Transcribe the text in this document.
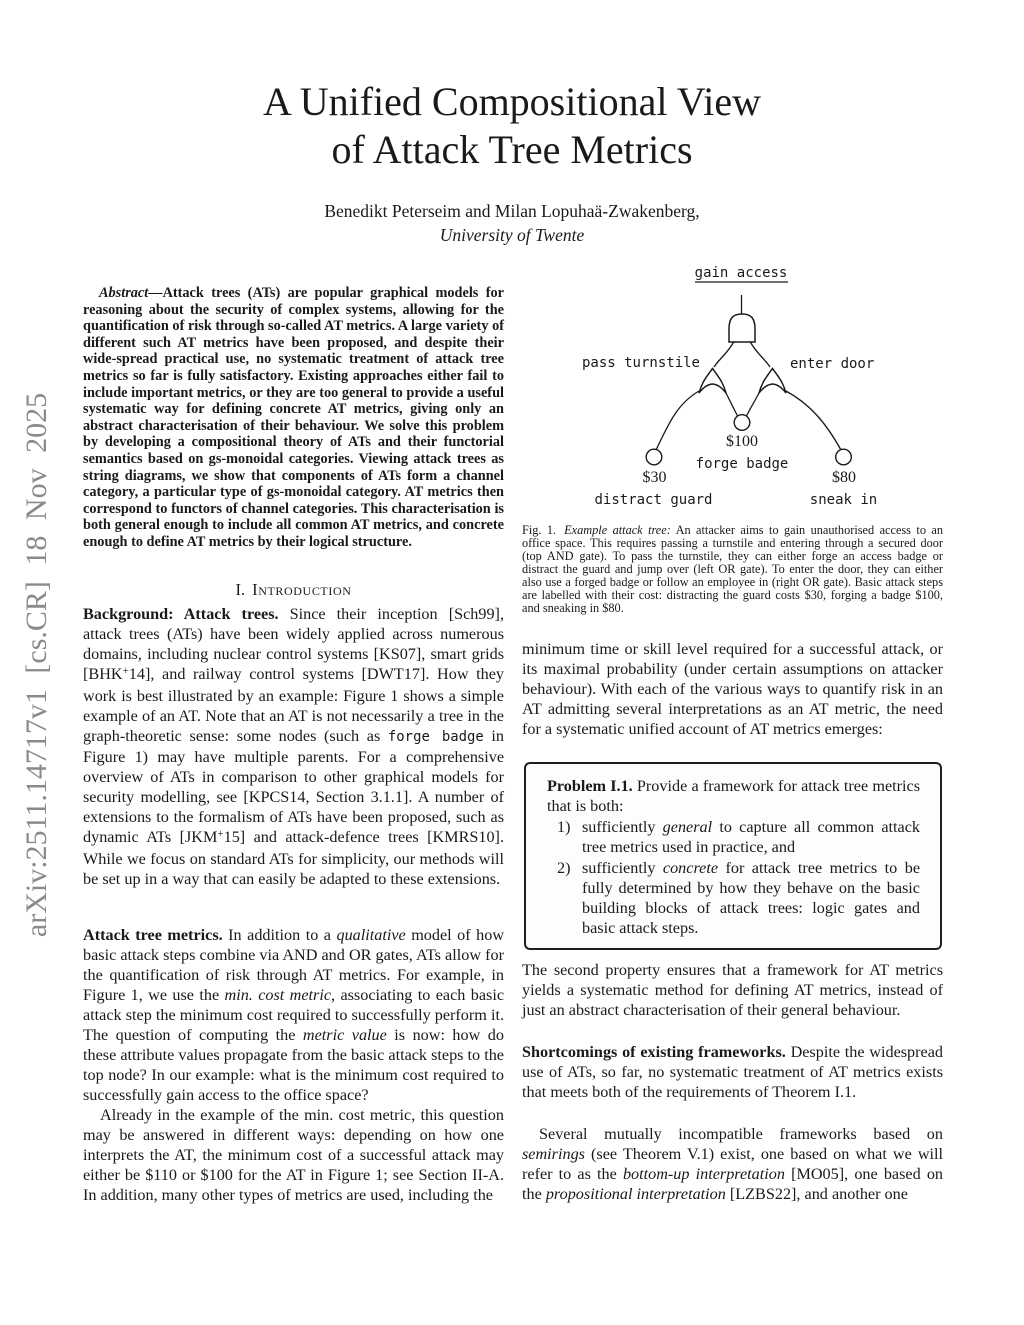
arXiv:2511.14717v1 [cs.CR] 18 Nov 2025
A Unified Compositional View
of Attack Tree Metrics
Benedikt Peterseim and Milan Lopuhaä-Zwakenberg,
University of Twente
Abstract—Attack trees (ATs) are popular graphical models for reasoning about the security of complex systems, allowing for the quantification of risk through so-called AT metrics. A large variety of different such AT metrics have been proposed, and despite their wide-spread practical use, no systematic treatment of attack tree metrics so far is fully satisfactory. Existing approaches either fail to include important metrics, or they are too general to provide a useful systematic way for defining concrete AT metrics, giving only an abstract characterisation of their behaviour. We solve this problem by developing a compositional theory of ATs and their functorial semantics based on gs-monoidal categories. Viewing attack trees as string diagrams, we show that components of ATs form a channel category, a particular type of gs-monoidal category. AT metrics then correspond to functors of channel categories. This characterisation is both general enough to include all common AT metrics, and concrete enough to define AT metrics by their logical structure.
I. Introduction
Background: Attack trees. Since their inception [Sch99], attack trees (ATs) have been widely applied across numerous domains, including nuclear control systems [KS07], smart grids [BHK+14], and railway control systems [DWT17]. How they work is best illustrated by an example: Figure 1 shows a simple example of an AT. Note that an AT is not necessarily a tree in the graph-theoretic sense: some nodes (such as forge badge in Figure 1) may have multiple parents. For a comprehensive overview of ATs in comparison to other graphical models for security modelling, see [KPCS14, Section 3.1.1]. A number of extensions to the formalism of ATs have been proposed, such as dynamic ATs [JKM+15] and attack-defence trees [KMRS10]. While we focus on standard ATs for simplicity, our methods will be set up in a way that can easily be adapted to these extensions.
Attack tree metrics. In addition to a qualitative model of how basic attack steps combine via AND and OR gates, ATs allow for the quantification of risk through AT metrics. For example, in Figure 1, we use the min. cost metric, associating to each basic attack step the minimum cost required to successfully perform it. The question of computing the metric value is now: how do these attribute values propagate from the basic attack steps to the top node? In our example: what is the minimum cost required to successfully gain access to the office space?
Already in the example of the min. cost metric, this question may be answered in different ways: depending on how one interprets the AT, the minimum cost of a successful attack may either be $110 or $100 for the AT in Figure 1; see Section II-A. In addition, many other types of metrics are used, including the
gain access
pass turnstile	enter door
$100
forge badge
$30
distract guard
$80
sneak in
Fig. 1. Example attack tree: An attacker aims to gain unauthorised access to an office space. This requires passing a turnstile and entering through a secured door (top AND gate). To pass the turnstile, they can either forge an access badge or distract the guard and jump over (left OR gate). To enter the door, they can either also use a forged badge or follow an employee in (right OR gate). Basic attack steps are labelled with their cost: distracting the guard costs $30, forging a badge $100, and sneaking in $80.
minimum time or skill level required for a successful attack, or its maximal probability (under certain assumptions on attacker behaviour). With each of the various ways to quantify risk in an AT admitting several interpretations as an AT metric, the need for a systematic unified account of AT metrics emerges:
Problem I.1. Provide a framework for attack tree metrics that is both:
1) sufficiently general to capture all common attack tree metrics used in practice, and
2) sufficiently concrete for attack tree metrics to be fully determined by how they behave on the basic building blocks of attack trees: logic gates and basic attack steps.
The second property ensures that a framework for AT metrics yields a systematic method for defining AT metrics, instead of just an abstract characterisation of their general behaviour.
Shortcomings of existing frameworks. Despite the widespread use of ATs, so far, no systematic treatment of AT metrics exists that meets both of the requirements of Theorem I.1.
Several mutually incompatible frameworks based on semirings (see Theorem V.1) exist, one based on what we will refer to as the bottom-up interpretation [MO05], one based on the propositional interpretation [LZBS22], and another one
